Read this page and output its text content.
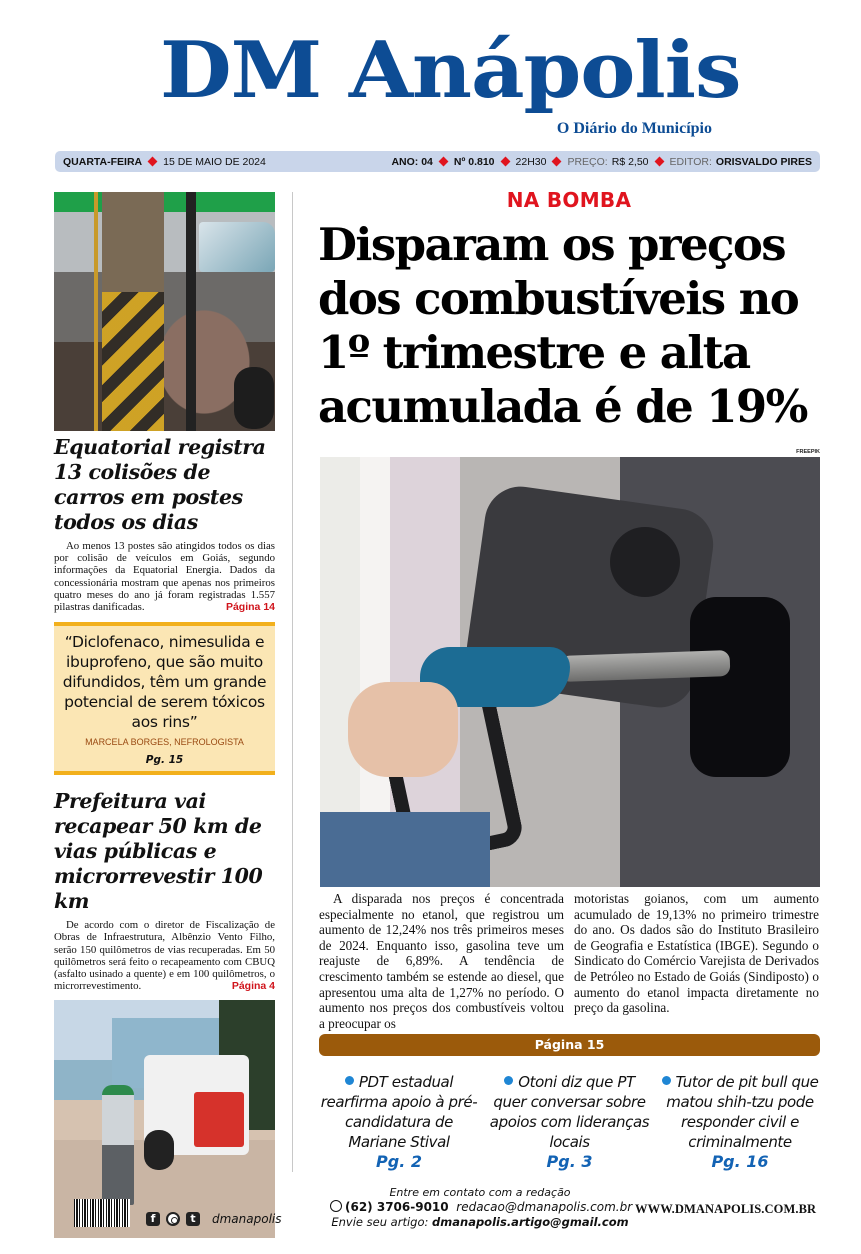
DM Anápolis
O Diário do Município
QUARTA-FEIRA 15 DE MAIO DE 2024	ANO: 04 Nº 0.810 22H30 PREÇO: R$ 2,50 EDITOR: ORISVALDO PIRES
Equatorial registra 13 colisões de carros em postes todos os dias
Ao menos 13 postes são atingidos todos os dias por colisão de veículos em Goiás, segundo informações da Equatorial Energia. Dados da concessionária mostram que apenas nos primeiros quatro meses do ano já foram registradas 1.557 pilastras danificadas.	Página 14
“Diclofenaco, nimesulida e ibuprofeno, que são muito difundidos, têm um grande potencial de serem tóxicos aos rins”
MARCELA BORGES, NEFROLOGISTA
Pg. 15
Prefeitura vai recapear 50 km de vias públicas e microrrevestir 100 km
De acordo com o diretor de Fiscalização de Obras de Infraestrutura, Albênzio Vento Filho, serão 150 quilômetros de vias recuperadas. Em 50 quilômetros será feito o recapeamento com CBUQ (asfalto usinado a quente) e em 100 quilômetros, o microrrevestimento.	Página 4
NA BOMBA
Disparam os preços dos combustíveis no 1º trimestre e alta acumulada é de 19%
FREEPIK
A disparada nos preços é concentrada especialmente no etanol, que registrou um aumento de 12,24% nos três primeiros meses de 2024. Enquanto isso, gasolina teve um reajuste de 6,89%. A tendência de crescimento também se estende ao diesel, que apresentou uma alta de 1,27% no período. O aumento nos preços dos combustíveis voltou a preocupar os
motoristas goianos, com um aumento acumulado de 19,13% no primeiro trimestre do ano. Os dados são do Instituto Brasileiro de Geografia e Estatística (IBGE). Segundo o Sindicato do Comércio Varejista de Derivados de Petróleo no Estado de Goiás (Sindiposto) o aumento do etanol impacta diretamente no preço da gasolina.
Página 15
PDT estadual rearfirma apoio à pré-candidatura de Mariane Stival
Pg. 2
Otoni diz que PT quer conversar sobre apoios com lideranças locais
Pg. 3
Tutor de pit bull que matou shih-tzu pode responder civil e criminalmente
Pg. 16
f	t	dmanapolis
Entre em contato com a redação
(62) 3706-9010 redacao@dmanapolis.com.br
Envie seu artigo: dmanapolis.artigo@gmail.com
WWW.DMANAPOLIS.COM.BR
